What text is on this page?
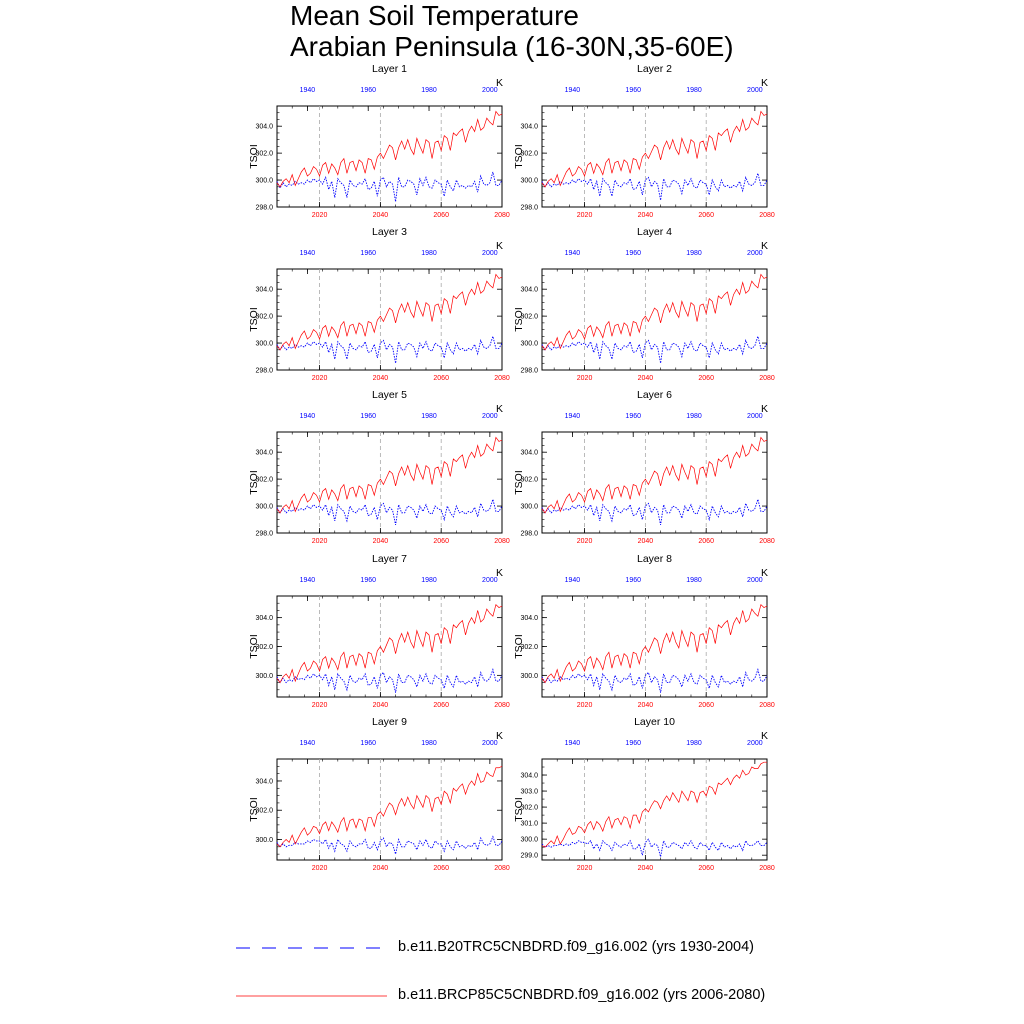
Mean Soil Temperature
Arabian Peninsula (16-30N,35-60E)
Layer 1
K
TSOI
298.0
300.0
302.0
304.0
2020	2040	2060	2080
1940	1960	1980	2000
Layer 2
K
TSOI
298.0
300.0
302.0
304.0
2020	2040	2060	2080
1940	1960	1980	2000
Layer 3
K
TSOI
298.0
300.0
302.0
304.0
2020	2040	2060	2080
1940	1960	1980	2000
Layer 4
K
TSOI
298.0
300.0
302.0
304.0
2020	2040	2060	2080
1940	1960	1980	2000
Layer 5
K
TSOI
298.0
300.0
302.0
304.0
2020	2040	2060	2080
1940	1960	1980	2000
Layer 6
K
TSOI
298.0
300.0
302.0
304.0
2020	2040	2060	2080
1940	1960	1980	2000
Layer 7
K
TSOI
300.0
302.0
304.0
2020	2040	2060	2080
1940	1960	1980	2000
Layer 8
K
TSOI
300.0
302.0
304.0
2020	2040	2060	2080
1940	1960	1980	2000
Layer 9
K
TSOI
300.0
302.0
304.0
2020	2040	2060	2080
1940	1960	1980	2000
Layer 10
K
TSOI
299.0
300.0
301.0
302.0
303.0
304.0
2020	2040	2060	2080
1940	1960	1980	2000
b.e11.B20TRC5CNBDRD.f09_g16.002 (yrs 1930-2004)
b.e11.BRCP85C5CNBDRD.f09_g16.002 (yrs 2006-2080)
